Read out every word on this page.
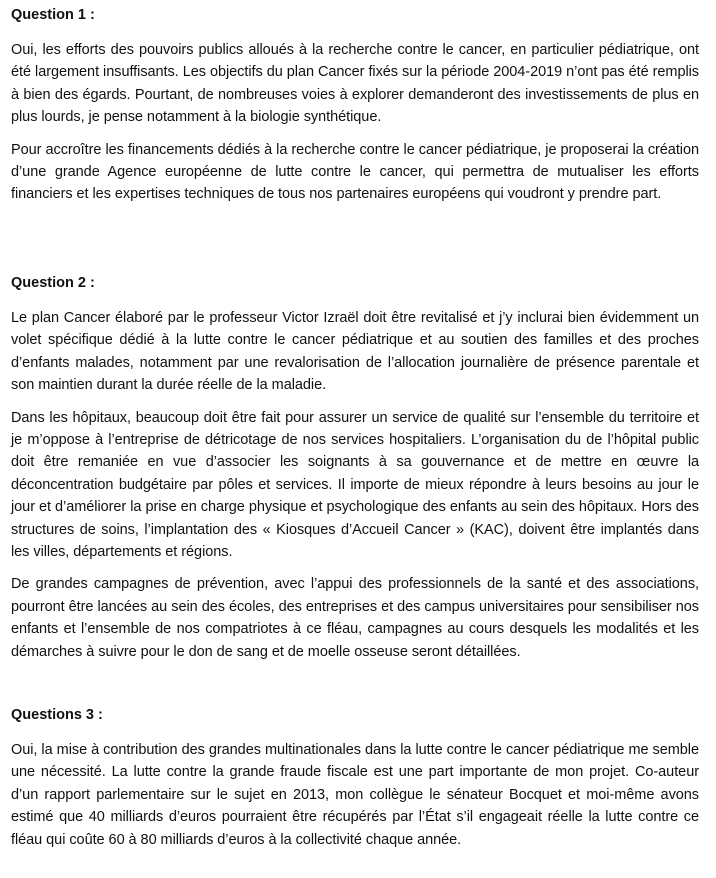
Question 1 :

Oui, les efforts des pouvoirs publics alloués à la recherche contre le cancer, en particulier pédiatrique, ont été largement insuffisants. Les objectifs du plan Cancer fixés sur la période 2004-2019 n’ont pas été remplis à bien des égards. Pourtant, de nombreuses voies à explorer demanderont des investissements de plus en plus lourds, je pense notamment à la biologie synthétique.

Pour accroître les financements dédiés à la recherche contre le cancer pédiatrique, je proposerai la création d’une grande Agence européenne de lutte contre le cancer, qui permettra de mutualiser les efforts financiers et les expertises techniques de tous nos partenaires européens qui voudront y prendre part.

Question 2 :

Le plan Cancer élaboré par le professeur Victor Izraël doit être revitalisé et j’y inclurai bien évidemment un volet spécifique dédié à la lutte contre le cancer pédiatrique et au soutien des familles et des proches d’enfants malades, notamment par une revalorisation de l’allocation journalière de présence parentale et son maintien durant la durée réelle de la maladie.

Dans les hôpitaux, beaucoup doit être fait pour assurer un service de qualité sur l’ensemble du territoire et je m’oppose à l’entreprise de détricotage de nos services hospitaliers. L’organisation du de l’hôpital public doit être remaniée en vue d’associer les soignants à sa gouvernance et de mettre en œuvre la déconcentration budgétaire par pôles et services. Il importe de mieux répondre à leurs besoins au jour le jour et d’améliorer la prise en charge physique et psychologique des enfants au sein des hôpitaux. Hors des structures de soins, l’implantation des « Kiosques d’Accueil Cancer » (KAC), doivent être implantés dans les villes, départements et régions.

De grandes campagnes de prévention, avec l’appui des professionnels de la santé et des associations, pourront être lancées au sein des écoles, des entreprises et des campus universitaires pour sensibiliser nos enfants et l’ensemble de nos compatriotes à ce fléau, campagnes au cours desquels les modalités et les démarches à suivre pour le don de sang et de moelle osseuse seront détaillées.

Questions 3 :

Oui, la mise à contribution des grandes multinationales dans la lutte contre le cancer pédiatrique me semble une nécessité. La lutte contre la grande fraude fiscale est une part importante de mon projet. Co-auteur d’un rapport parlementaire sur le sujet en 2013, mon collègue le sénateur Bocquet et moi-même avons estimé que 40 milliards d’euros pourraient être récupérés par l’État s’il engageait réelle la lutte contre ce fléau qui coûte 60 à 80 milliards d’euros à la collectivité chaque année.
